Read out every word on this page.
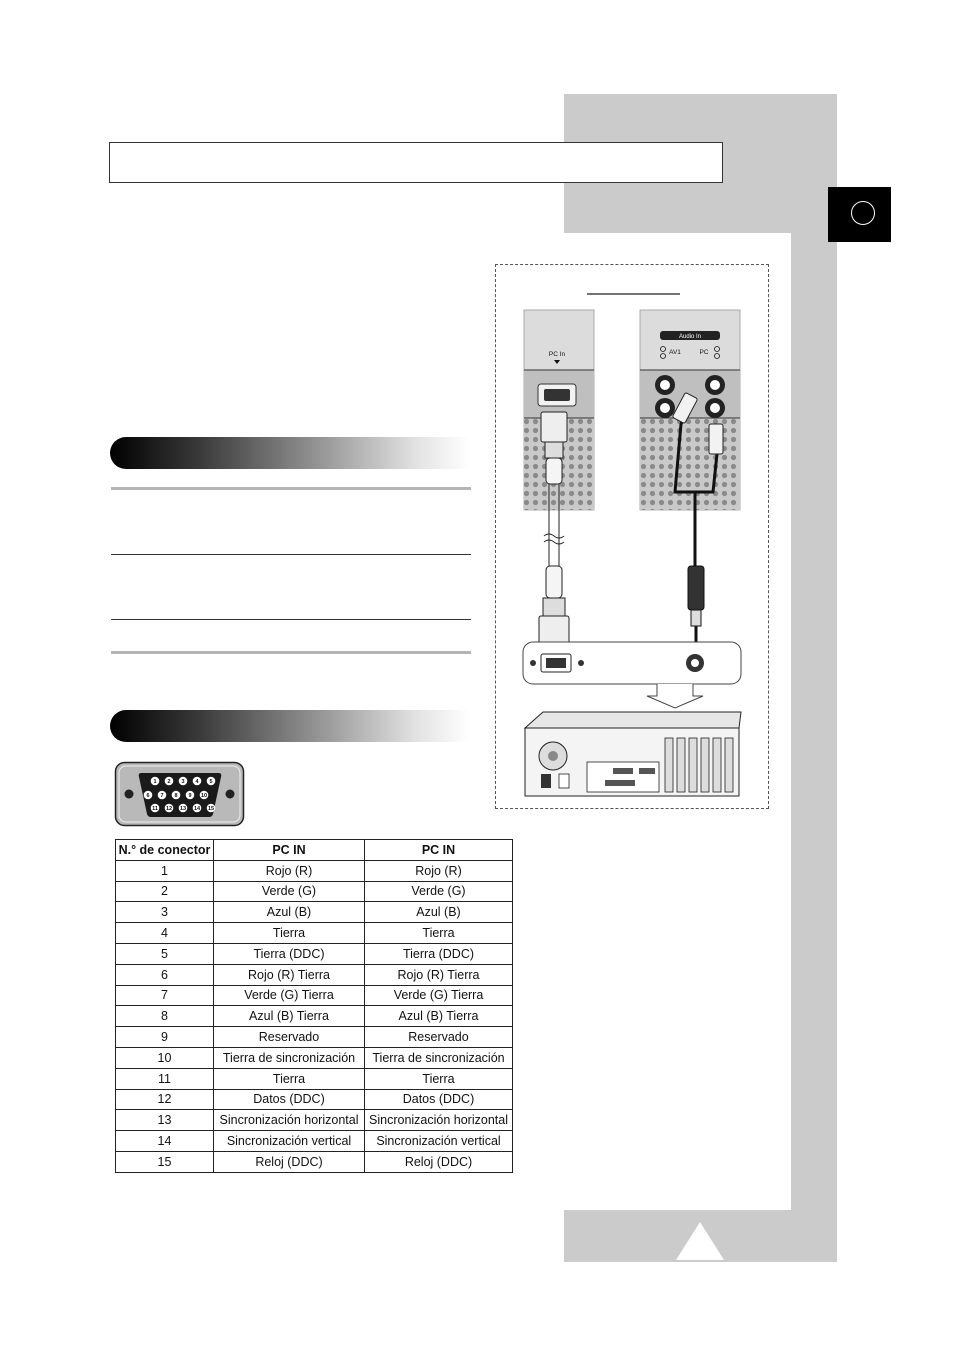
1 2 3 4 5
6 7 8 9 10
11 12 13 14 15
PC In
Audio In
AV1	PC
N.° de conector	PC IN	PC IN
1	Rojo (R)	Rojo (R)
2	Verde (G)	Verde (G)
3	Azul (B)	Azul (B)
4	Tierra	Tierra
5	Tierra (DDC)	Tierra (DDC)
6	Rojo (R) Tierra	Rojo (R) Tierra
7	Verde (G) Tierra	Verde (G) Tierra
8	Azul (B) Tierra	Azul (B) Tierra
9	Reservado	Reservado
10	Tierra de sincronización	Tierra de sincronización
11	Tierra	Tierra
12	Datos (DDC)	Datos (DDC)
13	Sincronización horizontal	Sincronización horizontal
14	Sincronización vertical	Sincronización vertical
15	Reloj (DDC)	Reloj (DDC)
